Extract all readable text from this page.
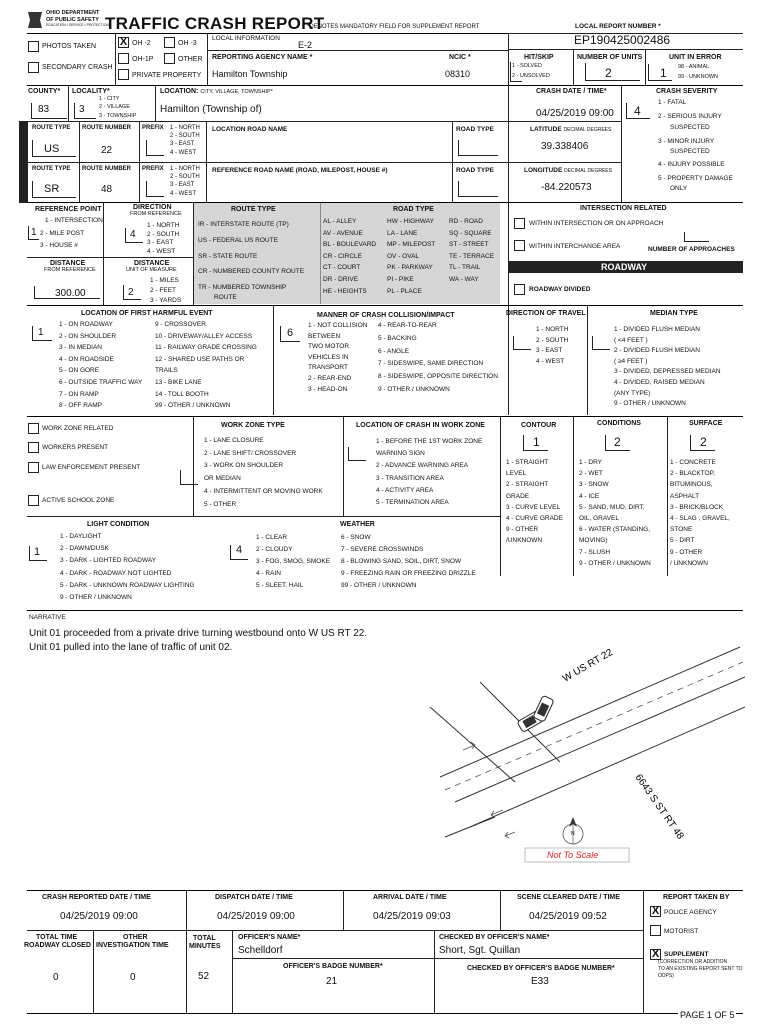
OHIO DEPARTMENT
OF PUBLIC SAFETY
EDUCATION • SERVICE • PROTECTION
TRAFFIC CRASH REPORT
*DENOTES MANDATORY FIELD FOR SUPPLEMENT REPORT	LOCAL REPORT NUMBER *
EP190425002486
PHOTOS TAKEN
SECONDARY CRASH
X OH -2	OH -3
OH-1P	OTHER
PRIVATE PROPERTY
LOCAL INFORMATION
E-2
REPORTING AGENCY NAME *
Hamilton Township
NCIC *
08310
HIT/SKIP
1 - SOLVED
2 - UNSOLVED
NUMBER OF UNITS
2
UNIT IN ERROR
1 98 - ANIMAL
99 - UNKNOWN
COUNTY*
83
LOCALITY*
3
1 - CITY
2 - VILLAGE
3 - TOWNSHIP
LOCATION: CITY, VILLAGE, TOWNSHIP*
Hamilton (Township of)
CRASH DATE / TIME*
04/25/2019 09:00
CRASH SEVERITY
4
1 - FATAL
2 - SERIOUS INJURY
SUSPECTED
3 - MINOR INJURY
SUSPECTED
4 - INJURY POSSIBLE
5 - PROPERTY DAMAGE
ONLY
LOCATION
REFERENCE
ROUTE TYPE ROUTE NUMBER PREFIX 1 - NORTH
2 - SOUTH
3 - EAST
4 - WEST
LOCATION ROAD NAME	ROAD TYPE	LATITUDE DECIMAL DEGREES
39.338406
US	22
ROUTE TYPE ROUTE NUMBER PREFIX 1 - NORTH
2 - SOUTH
3 - EAST
4 - WEST
REFERENCE ROAD NAME (ROAD, MILEPOST, HOUSE #)	ROAD TYPE	LONGITUDE DECIMAL DEGREES
-84.220573
SR	48
REFERENCE POINT
1 - INTERSECTION
2 - MILE POST
3 - HOUSE #
1
DIRECTION
FROM REFERENCE
1 - NORTH
2 - SOUTH
3 - EAST
4 - WEST
4
ROUTE TYPE
IR - INTERSTATE ROUTE (TP)
US - FEDERAL US ROUTE
SR - STATE ROUTE
CR - NUMBERED COUNTY ROUTE
TR - NUMBERED TOWNSHIP
ROUTE
ROAD TYPE
AL - ALLEY
AV - AVENUE
BL - BOULEVARD
CR - CIRCLE
CT - COURT
DR - DRIVE
HE - HEIGHTS
HW - HIGHWAY
LA - LANE
MP - MILEPOST
OV - OVAL
PK - PARKWAY
PI - PIKE
PL - PLACE
RD - ROAD
SQ - SQUARE
ST - STREET
TE - TERRACE
TL - TRAIL
WA - WAY
DISTANCE
FROM REFERENCE
300.00
DISTANCE
UNIT OF MEASURE
1 - MILES
2 - FEET
3 - YARDS
2
INTERSECTION RELATED
WITHIN INTERSECTION OR ON APPROACH
WITHIN INTERCHANGE AREA	NUMBER OF APPROACHES
ROADWAY
ROADWAY DIVIDED
LOCATION OF FIRST HARMFUL EVENT
1
1 - ON ROADWAY
2 - ON SHOULDER
3 - IN MEDIAN
4 - ON ROADSIDE
5 - ON GORE
6 - OUTSIDE TRAFFIC WAY
7 - ON RAMP
8 - OFF RAMP
9 - CROSSOVER
10 - DRIVEWAY/ALLEY ACCESS
11 - RAILWAY GRADE CROSSING
12 - SHARED USE PATHS OR
TRAILS
13 - BIKE LANE
14 - TOLL BOOTH
99 - OTHER / UNKNOWN
MANNER OF CRASH COLLISION/IMPACT
6
1 - NOT COLLISION
BETWEEN
TWO MOTOR
VEHICLES IN
TRANSPORT
2 - REAR-END
3 - HEAD-ON
4 - REAR-TO-REAR
5 - BACKING
6 - ANGLE
7 - SIDESWIPE, SAME DIRECTION
8 - SIDESWIPE, OPPOSITE DIRECTION
9 - OTHER / UNKNOWN
DIRECTION OF TRAVEL
1 - NORTH
2 - SOUTH
3 - EAST
4 - WEST
MEDIAN TYPE
1 - DIVIDED FLUSH MEDIAN
( <4 FEET )
2 - DIVIDED FLUSH MEDIAN
( ≥4 FEET )
3 - DIVIDED, DEPRESSED MEDIAN
4 - DIVIDED, RAISED MEDIAN
(ANY TYPE)
9 - OTHER / UNKNOWN
WORK ZONE RELATED
WORKERS PRESENT
LAW ENFORCEMENT PRESENT
ACTIVE SCHOOL ZONE
WORK ZONE TYPE
1 - LANE CLOSURE
2 - LANE SHIFT/ CROSSOVER
3 - WORK ON SHOULDER
OR MEDIAN
4 - INTERMITTENT OR MOVING WORK
5 - OTHER
LOCATION OF CRASH IN WORK ZONE
1 - BEFORE THE 1ST WORK ZONE
WARNING SIGN
2 - ADVANCE WARNING AREA
3 - TRANSITION AREA
4 - ACTIVITY AREA
5 - TERMINATION AREA
CONTOUR
1
1 - STRAIGHT
LEVEL
2 - STRAIGHT
GRADE
3 - CURVE LEVEL
4 - CURVE GRADE
9 - OTHER
/UNKNOWN
CONDITIONS
2
1 - DRY
2 - WET
3 - SNOW
4 - ICE
5 - SAND, MUD, DIRT,
OIL, GRAVEL
6 - WATER (STANDING,
MOVING)
7 - SLUSH
9 - OTHER / UNKNOWN
SURFACE
2
1 - CONCRETE
2 - BLACKTOP,
BITUMINOUS,
ASPHALT
3 - BRICK/BLOCK
4 - SLAG , GRAVEL,
STONE
5 - DIRT
9 - OTHER
/ UNKNOWN
LIGHT CONDITION
1
1 - DAYLIGHT
2 - DAWN/DUSK
3 - DARK - LIGHTED ROADWAY
4 - DARK - ROADWAY NOT LIGHTED
5 - DARK - UNKNOWN ROADWAY LIGHTING
9 - OTHER / UNKNOWN
WEATHER
4
1 - CLEAR
2 - CLOUDY
3 - FOG, SMOG, SMOKE
4 - RAIN
5 - SLEET, HAIL
6 - SNOW
7 - SEVERE CROSSWINDS
8 - BLOWING SAND, SOIL, DIRT, SNOW
9 - FREEZING RAIN OR FREEZING DRIZZLE
99 - OTHER / UNKNOWN
NARRATIVE
Unit 01 proceeded from a private drive turning westbound onto W US RT 22.
Unit 01 pulled into the lane of traffic of unit 02.
N
W US RT 22
6643 S ST RT 48
Not To Scale
CRASH REPORTED DATE / TIME
04/25/2019 09:00
DISPATCH DATE / TIME
04/25/2019 09:00
ARRIVAL DATE / TIME
04/25/2019 09:03
SCENE CLEARED DATE / TIME
04/25/2019 09:52
REPORT TAKEN BY
X POLICE AGENCY
MOTORIST
X SUPPLEMENT
(CORRECTION OR ADDITION
TO AN EXISTING REPORT SENT TO
ODPS)
TOTAL TIME
ROADWAY CLOSED
0
OTHER
INVESTIGATION TIME
0
TOTAL
MINUTES
52
OFFICER'S NAME*
Schelldorf
CHECKED BY OFFICER'S NAME*
Short, Sgt. Quillan
OFFICER'S BADGE NUMBER*
21
CHECKED BY OFFICER'S BADGE NUMBER*
E33
PAGE 1 OF 5
